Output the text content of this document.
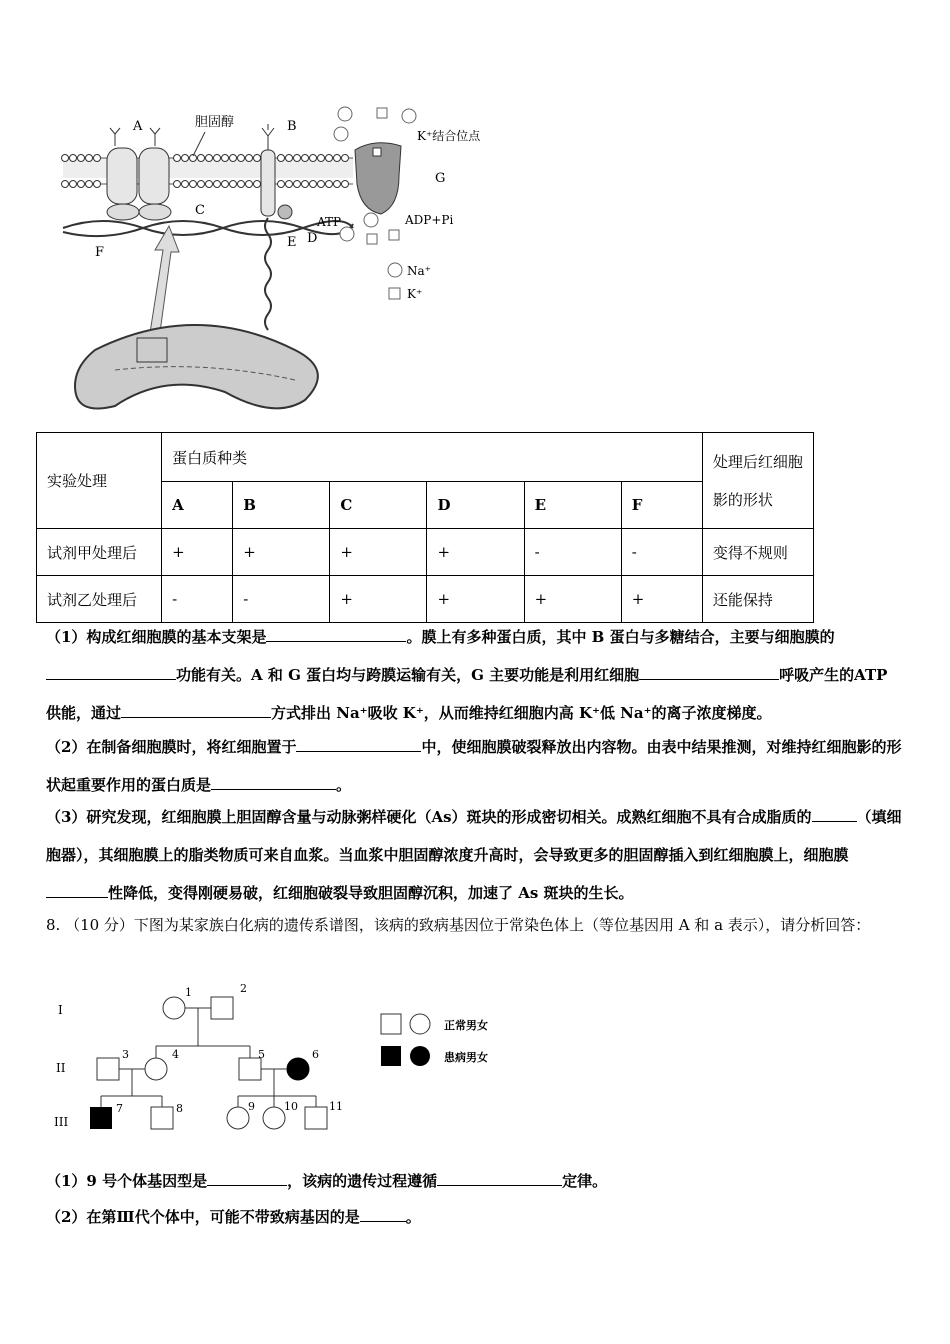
A
C
胆固醇	B
D
E
F
G
K⁺结合位点
ATP	ADP+Pi
Na⁺
K⁺
实验处理	蛋白质种类						处理后红细胞影的形状
	A	B	C	D	E	F	
试剂甲处理后	+	+	+	+	-	-	变得不规则
试剂乙处理后	-	-	+	+	+	+	还能保持
（1）构成红细胞膜的基本支架是	。膜上有多种蛋白质，其中 B 蛋白与多糖结合，主要与细胞膜的功能有关。A 和 G 蛋白均与跨膜运输有关，G 主要功能是利用红细胞	呼吸产生的ATP 供能，通过	方式排出 Na⁺吸收 K⁺，从而维持红细胞内高 K⁺低 Na⁺的离子浓度梯度。
（2）在制备细胞膜时，将红细胞置于	中，使细胞膜破裂释放出内容物。由表中结果推测，对维持红细胞影的形状起重要作用的蛋白质是	。
（3）研究发现，红细胞膜上胆固醇含量与动脉粥样硬化（As）斑块的形成密切相关。成熟红细胞不具有合成脂质的	（填细胞器），其细胞膜上的脂类物质可来自血浆。当血浆中胆固醇浓度升高时，会导致更多的胆固醇插入到红细胞膜上，细胞膜性降低，变得刚硬易破，红细胞破裂导致胆固醇沉积，加速了 As 斑块的生长。
8. （10 分）下图为某家族白化病的遗传系谱图，该病的致病基因位于常染色体上（等位基因用 A 和 a 表示），请分析回答：
I
II
III
1	2
3	4	5	6
7	8	9	10	11
正常男女
患病男女
（1）9 号个体基因型是	，该病的遗传过程遵循	定律。
（2）在第Ⅲ代个体中，可能不带致病基因的是	。
